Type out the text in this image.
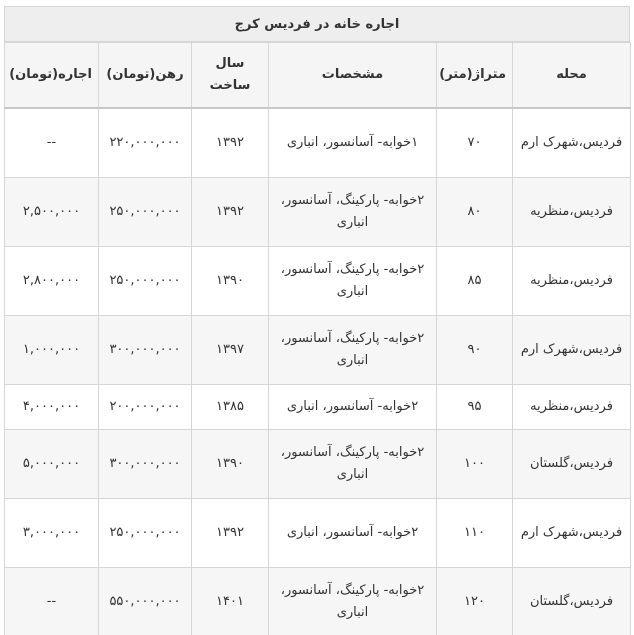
اجاره خانه در فردیس کرج
محله	متراژ(متر)	مشخصات	سال ساخت	رهن(تومان)	اجاره(تومان)
فردیس،شهرک ارم	۷۰	۱خوابه- آسانسور، انباری	۱۳۹۲	۲۲۰,۰۰۰,۰۰۰	--
فردیس،منظریه	۸۰	۲خوابه- پارکینگ، آسانسور، انباری	۱۳۹۲	۲۵۰,۰۰۰,۰۰۰	۲,۵۰۰,۰۰۰
فردیس،منظریه	۸۵	۲خوابه- پارکینگ، آسانسور، انباری	۱۳۹۰	۲۵۰,۰۰۰,۰۰۰	۲,۸۰۰,۰۰۰
فردیس،شهرک ارم	۹۰	۲خوابه- پارکینگ، آسانسور، انباری	۱۳۹۷	۳۰۰,۰۰۰,۰۰۰	۱,۰۰۰,۰۰۰
فردیس،منظریه	۹۵	۲خوابه- آسانسور، انباری	۱۳۸۵	۲۰۰,۰۰۰,۰۰۰	۴,۰۰۰,۰۰۰
فردیس،گلستان	۱۰۰	۲خوابه- پارکینگ، آسانسور، انباری	۱۳۹۰	۳۰۰,۰۰۰,۰۰۰	۵,۰۰۰,۰۰۰
فردیس،شهرک ارم	۱۱۰	۲خوابه- آسانسور، انباری	۱۳۹۲	۲۵۰,۰۰۰,۰۰۰	۳,۰۰۰,۰۰۰
فردیس،گلستان	۱۲۰	۲خوابه- پارکینگ، آسانسور، انباری	۱۴۰۱	۵۵۰,۰۰۰,۰۰۰	--
